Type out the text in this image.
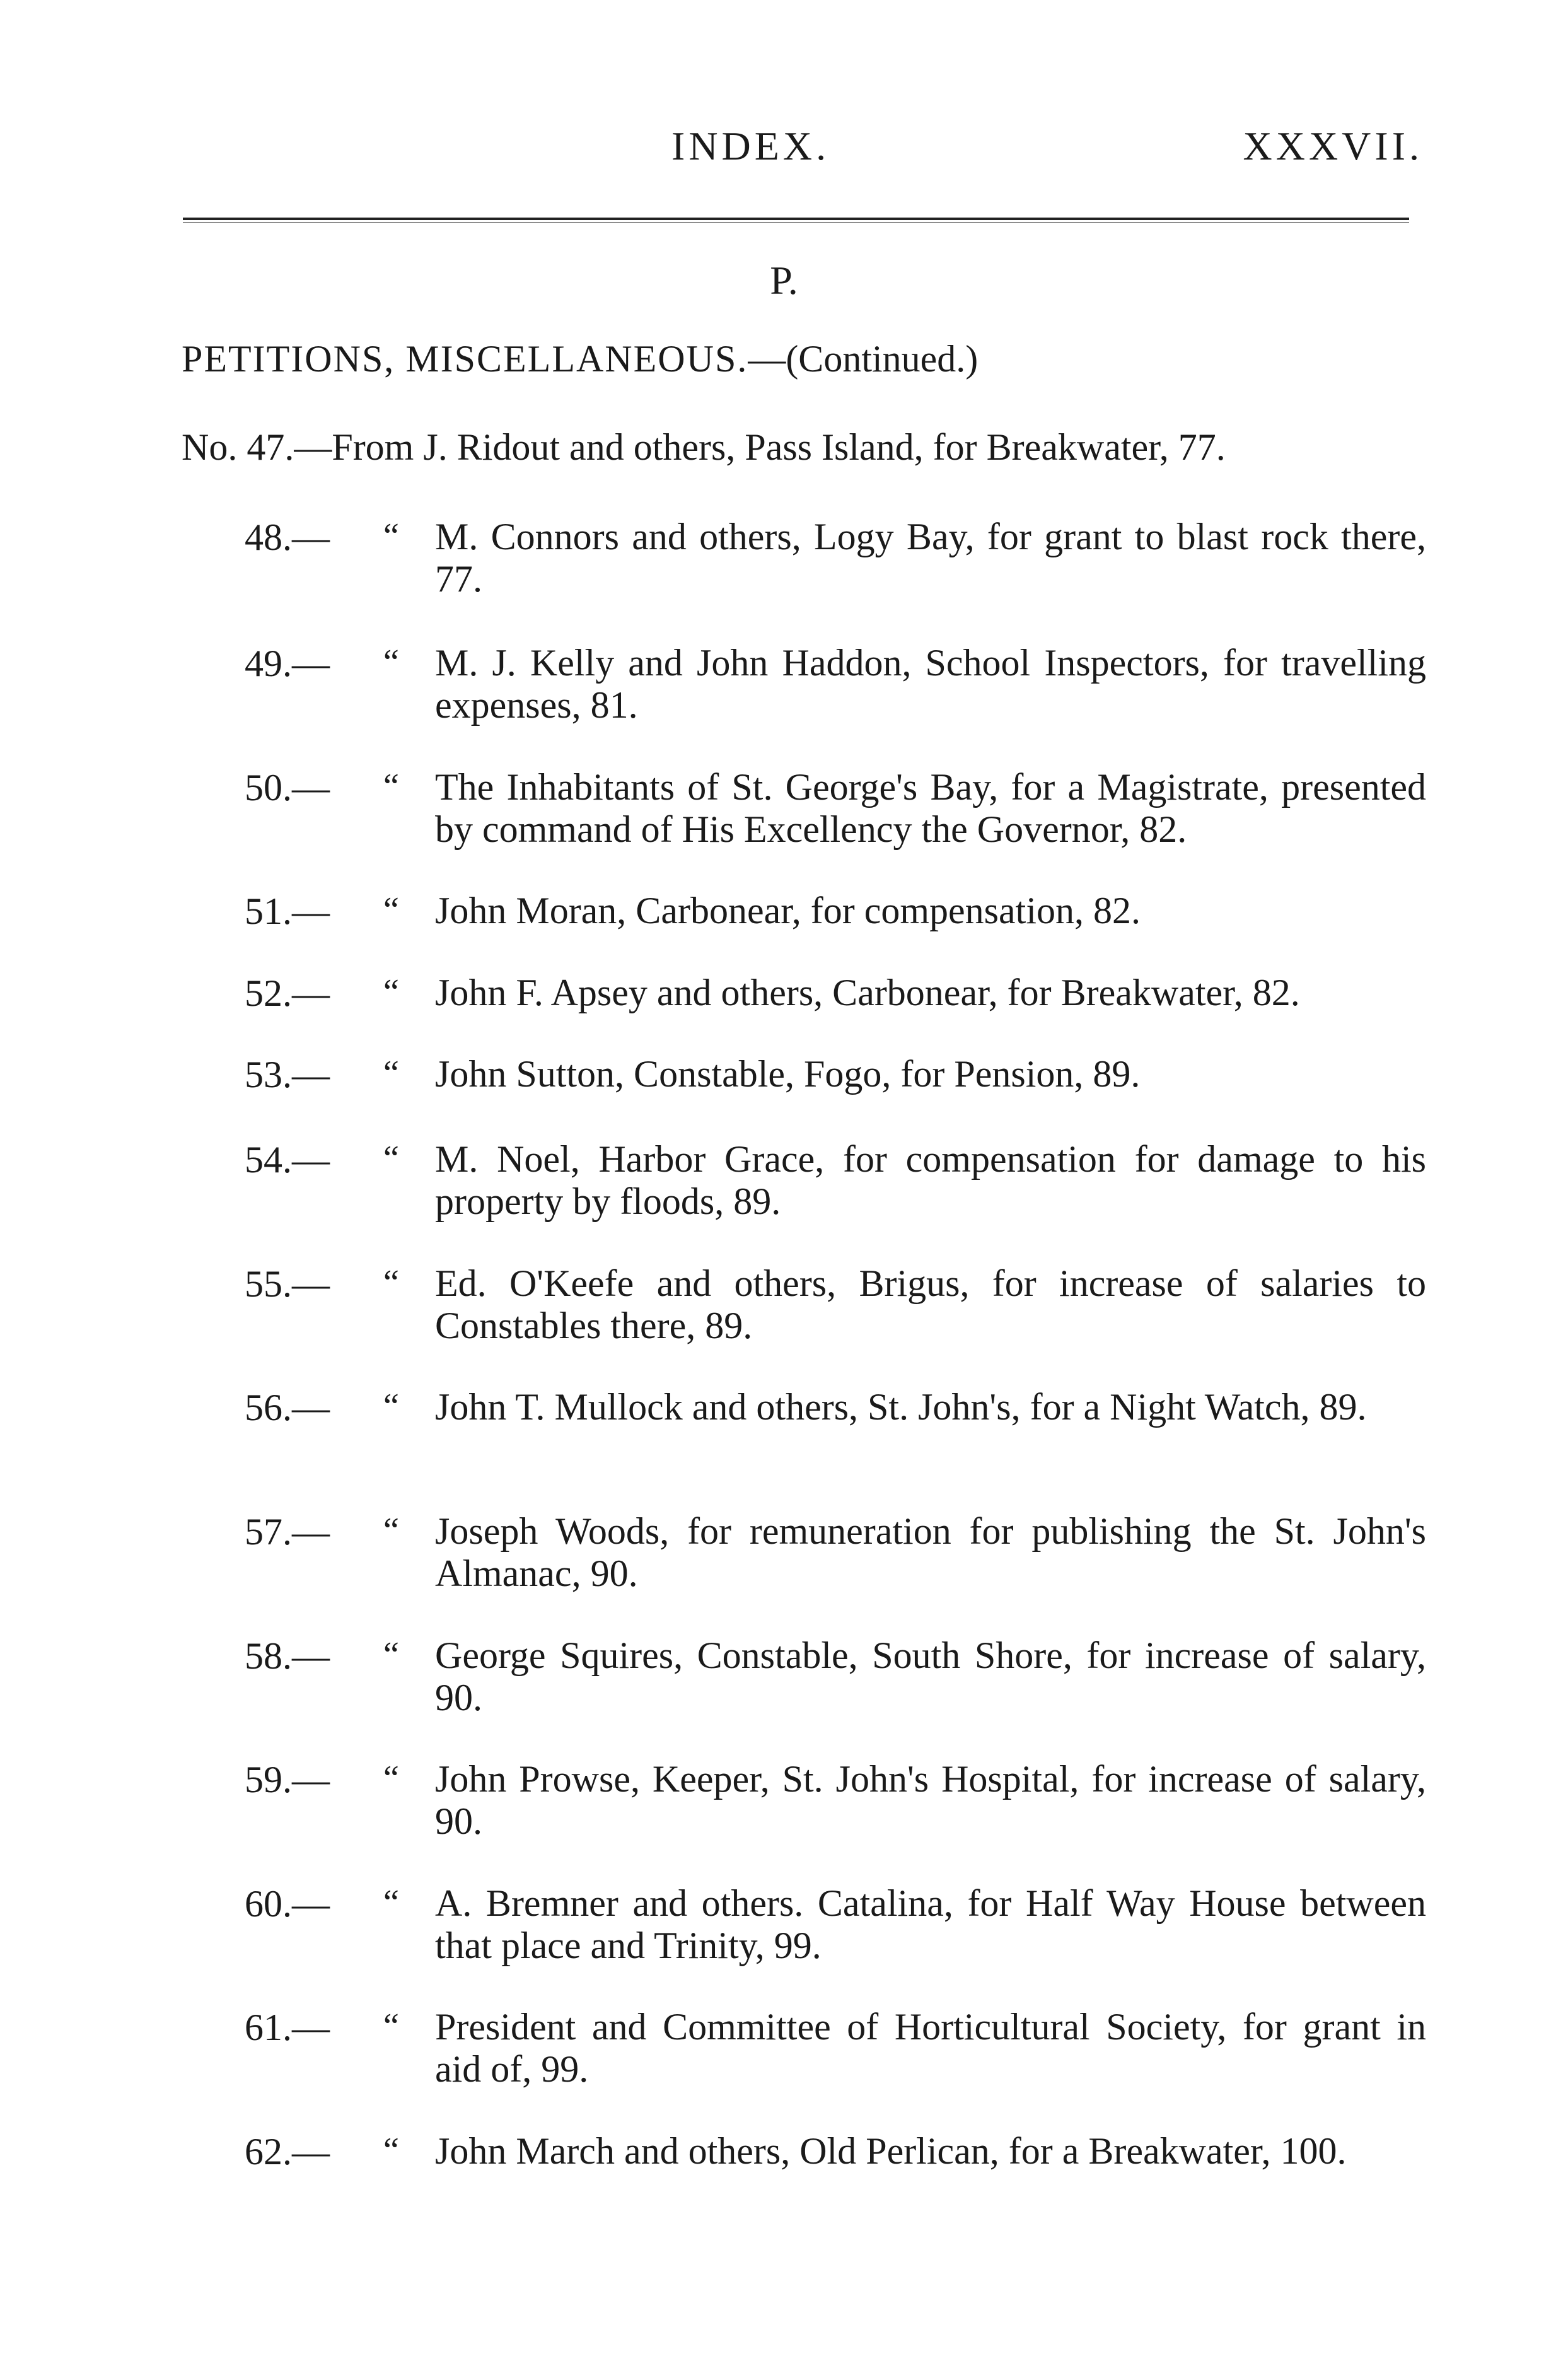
INDEX.	XXXVII.
P.
PETITIONS, MISCELLANEOUS.—(Continued.)
No. 47.—From J. Ridout and others, Pass Island, for Breakwater, 77.
48.— “ M. Connors and others, Logy Bay, for grant to blast rock there, 77.
49.— “ M. J. Kelly and John Haddon, School Inspectors, for travelling expenses, 81.
50.— “ The Inhabitants of St. George's Bay, for a Magistrate, presented by command of His Excellency the Governor, 82.
51.— “ John Moran, Carbonear, for compensation, 82.
52.— “ John F. Apsey and others, Carbonear, for Breakwater, 82.
53.— “ John Sutton, Constable, Fogo, for Pension, 89.
54.— “ M. Noel, Harbor Grace, for compensation for damage to his property by floods, 89.
55.— “ Ed. O'Keefe and others, Brigus, for increase of salaries to Constables there, 89.
56.— “ John T. Mullock and others, St. John's, for a Night Watch, 89.
57.— “ Joseph Woods, for remuneration for publishing the St. John's Almanac, 90.
58.— “ George Squires, Constable, South Shore, for increase of salary, 90.
59.— “ John Prowse, Keeper, St. John's Hospital, for increase of salary, 90.
60.— “ A. Bremner and others. Catalina, for Half Way House between that place and Trinity, 99.
61.— “ President and Committee of Horticultural Society, for grant in aid of, 99.
62.— “ John March and others, Old Perlican, for a Breakwater, 100.
